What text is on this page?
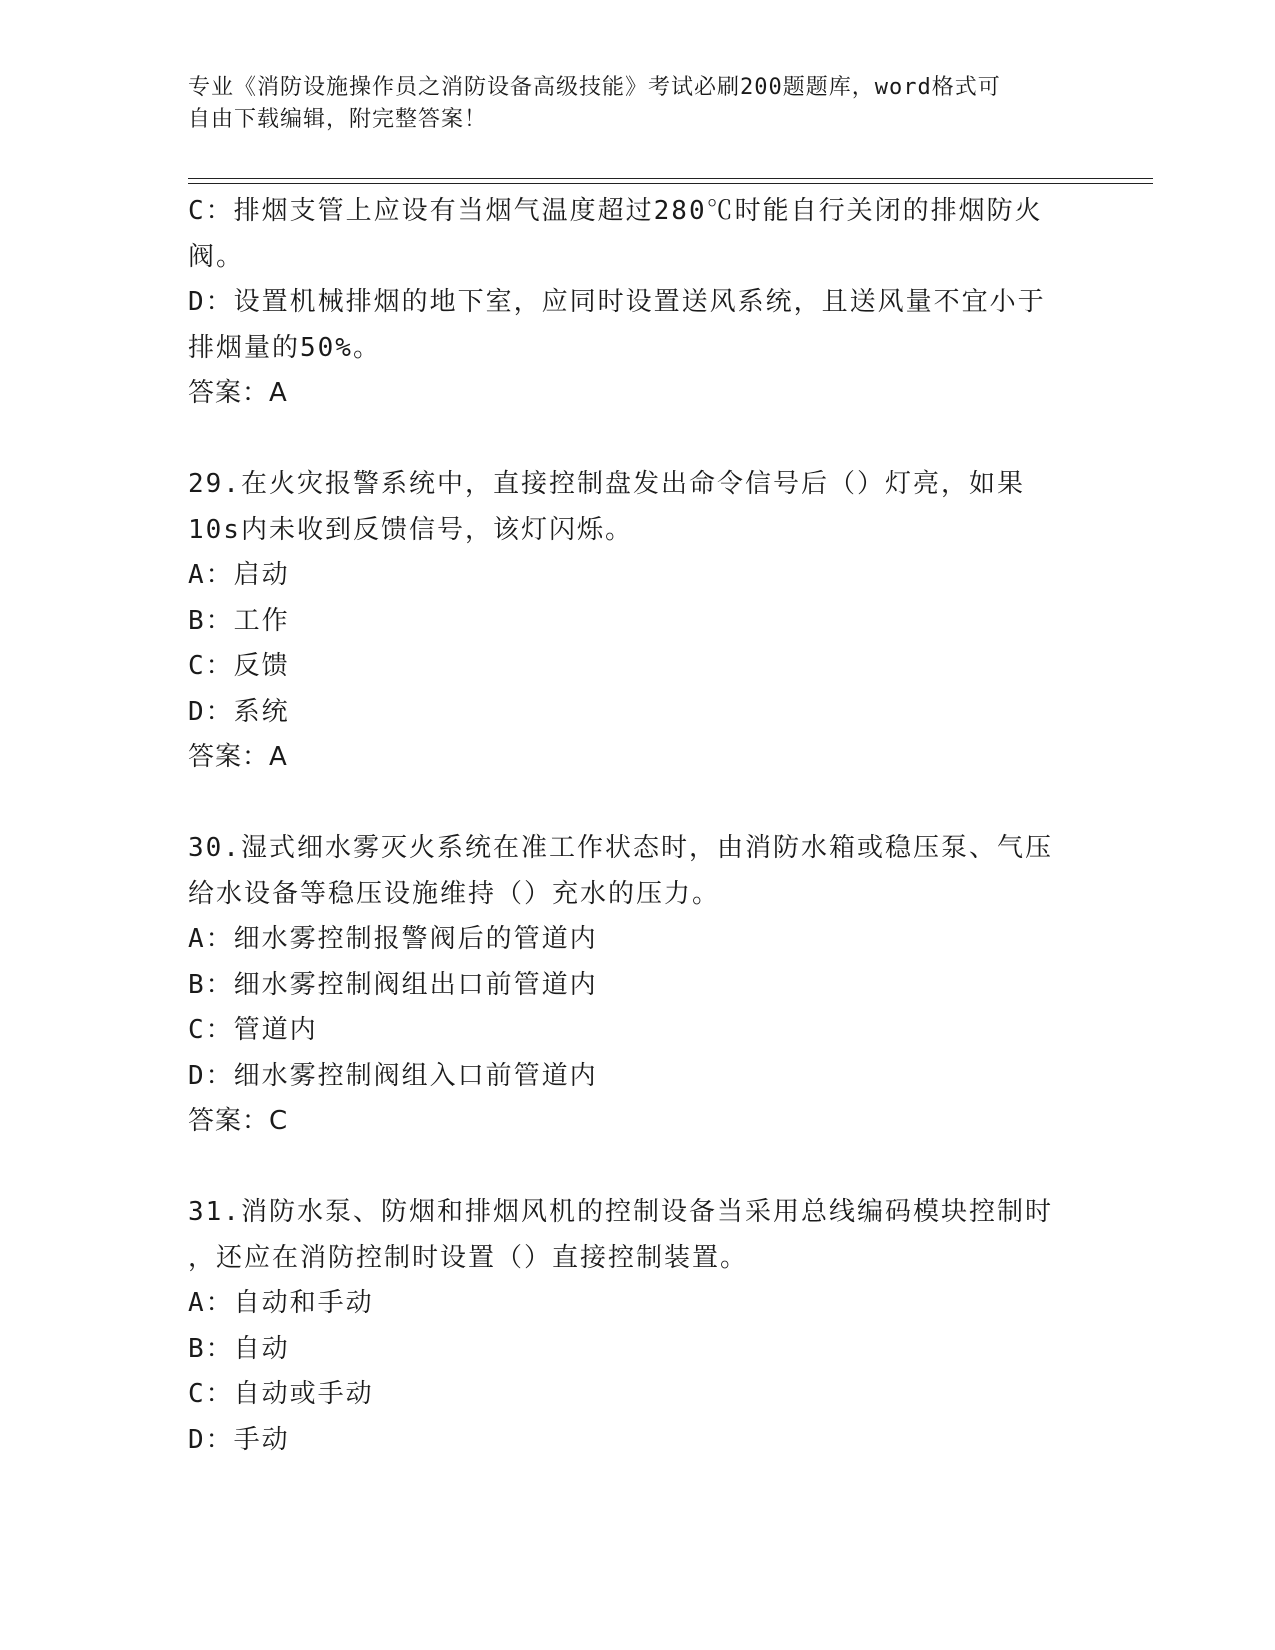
专业《消防设施操作员之消防设备高级技能》考试必刷200题题库，word格式可
自由下载编辑，附完整答案！
C：排烟支管上应设有当烟气温度超过280℃时能自行关闭的排烟防火
阀。
D：设置机械排烟的地下室，应同时设置送风系统，且送风量不宜小于
排烟量的50%。
答案：A
29.在火灾报警系统中，直接控制盘发出命令信号后（）灯亮，如果
10s内未收到反馈信号，该灯闪烁。
A：启动
B：工作
C：反馈
D：系统
答案：A
30.湿式细水雾灭火系统在准工作状态时，由消防水箱或稳压泵、气压
给水设备等稳压设施维持（）充水的压力。
A：细水雾控制报警阀后的管道内
B：细水雾控制阀组出口前管道内
C：管道内
D：细水雾控制阀组入口前管道内
答案：C
31.消防水泵、防烟和排烟风机的控制设备当采用总线编码模块控制时
，还应在消防控制时设置（）直接控制装置。
A：自动和手动
B：自动
C：自动或手动
D：手动
